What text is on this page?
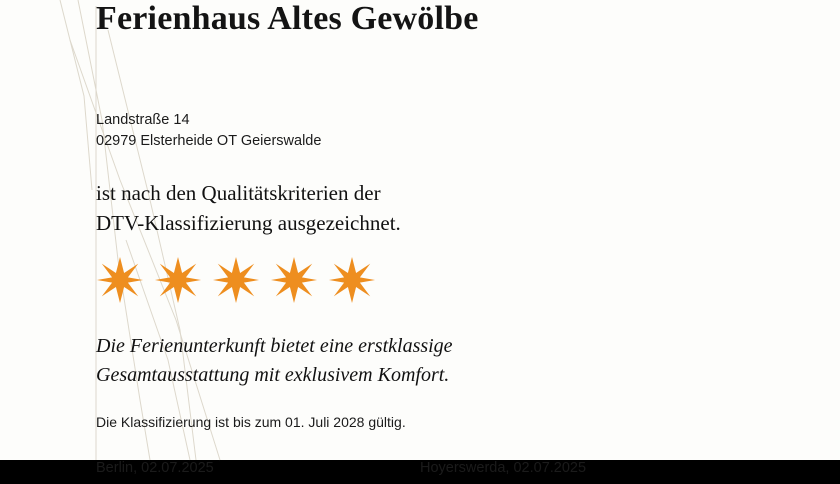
Ferienhaus Altes Gewölbe
Landstraße 14
02979 Elsterheide OT Geierswalde
ist nach den Qualitätskriterien der
DTV-Klassifizierung ausgezeichnet.
Die Ferienunterkunft bietet eine erstklassige
Gesamtausstattung mit exklusivem Komfort.
Die Klassifizierung ist bis zum 01. Juli 2028 gültig.
Berlin, 02.07.2025	Hoyerswerda, 02.07.2025
